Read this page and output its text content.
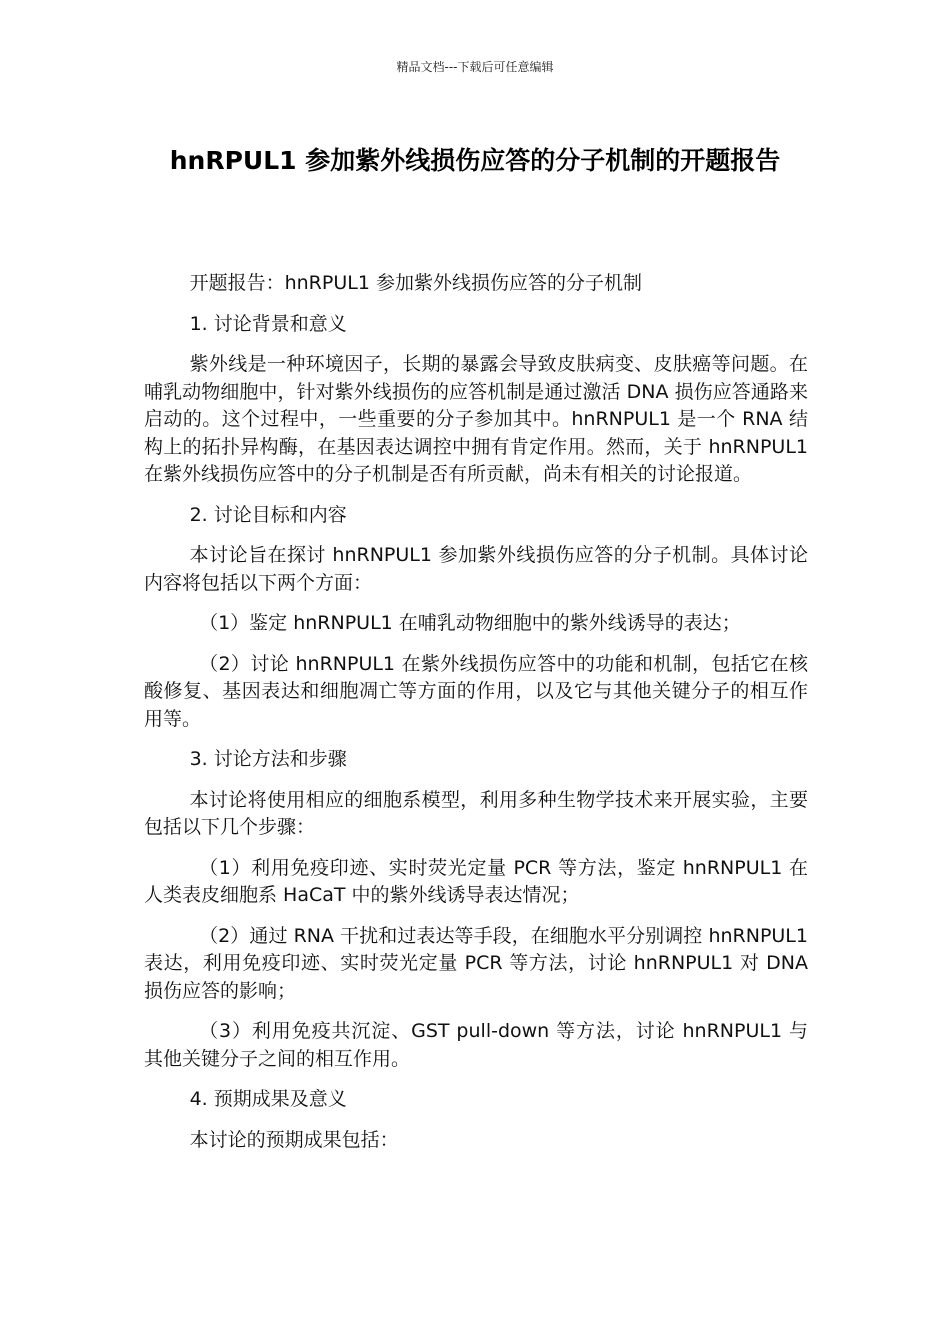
精品文档---下载后可任意编辑
hnRPUL1 参加紫外线损伤应答的分子机制的开题报告

开题报告：hnRPUL1 参加紫外线损伤应答的分子机制

1. 讨论背景和意义

紫外线是一种环境因子，长期的暴露会导致皮肤病变、皮肤癌等问题。在哺乳动物细胞中，针对紫外线损伤的应答机制是通过激活 DNA 损伤应答通路来启动的。这个过程中，一些重要的分子参加其中。hnRNPUL1 是一个 RNA 结构上的拓扑异构酶，在基因表达调控中拥有肯定作用。然而，关于 hnRNPUL1 在紫外线损伤应答中的分子机制是否有所贡献，尚未有相关的讨论报道。

2. 讨论目标和内容

本讨论旨在探讨 hnRNPUL1 参加紫外线损伤应答的分子机制。具体讨论内容将包括以下两个方面：

（1）鉴定 hnRNPUL1 在哺乳动物细胞中的紫外线诱导的表达；

（2）讨论 hnRNPUL1 在紫外线损伤应答中的功能和机制，包括它在核酸修复、基因表达和细胞凋亡等方面的作用，以及它与其他关键分子的相互作用等。

3. 讨论方法和步骤

本讨论将使用相应的细胞系模型，利用多种生物学技术来开展实验，主要包括以下几个步骤：

（1）利用免疫印迹、实时荧光定量 PCR 等方法，鉴定 hnRNPUL1 在人类表皮细胞系 HaCaT 中的紫外线诱导表达情况；

（2）通过 RNA 干扰和过表达等手段，在细胞水平分别调控 hnRNPUL1 表达，利用免疫印迹、实时荧光定量 PCR 等方法，讨论 hnRNPUL1 对 DNA 损伤应答的影响；

（3）利用免疫共沉淀、GST pull-down 等方法，讨论 hnRNPUL1 与其他关键分子之间的相互作用。

4. 预期成果及意义

本讨论的预期成果包括：
